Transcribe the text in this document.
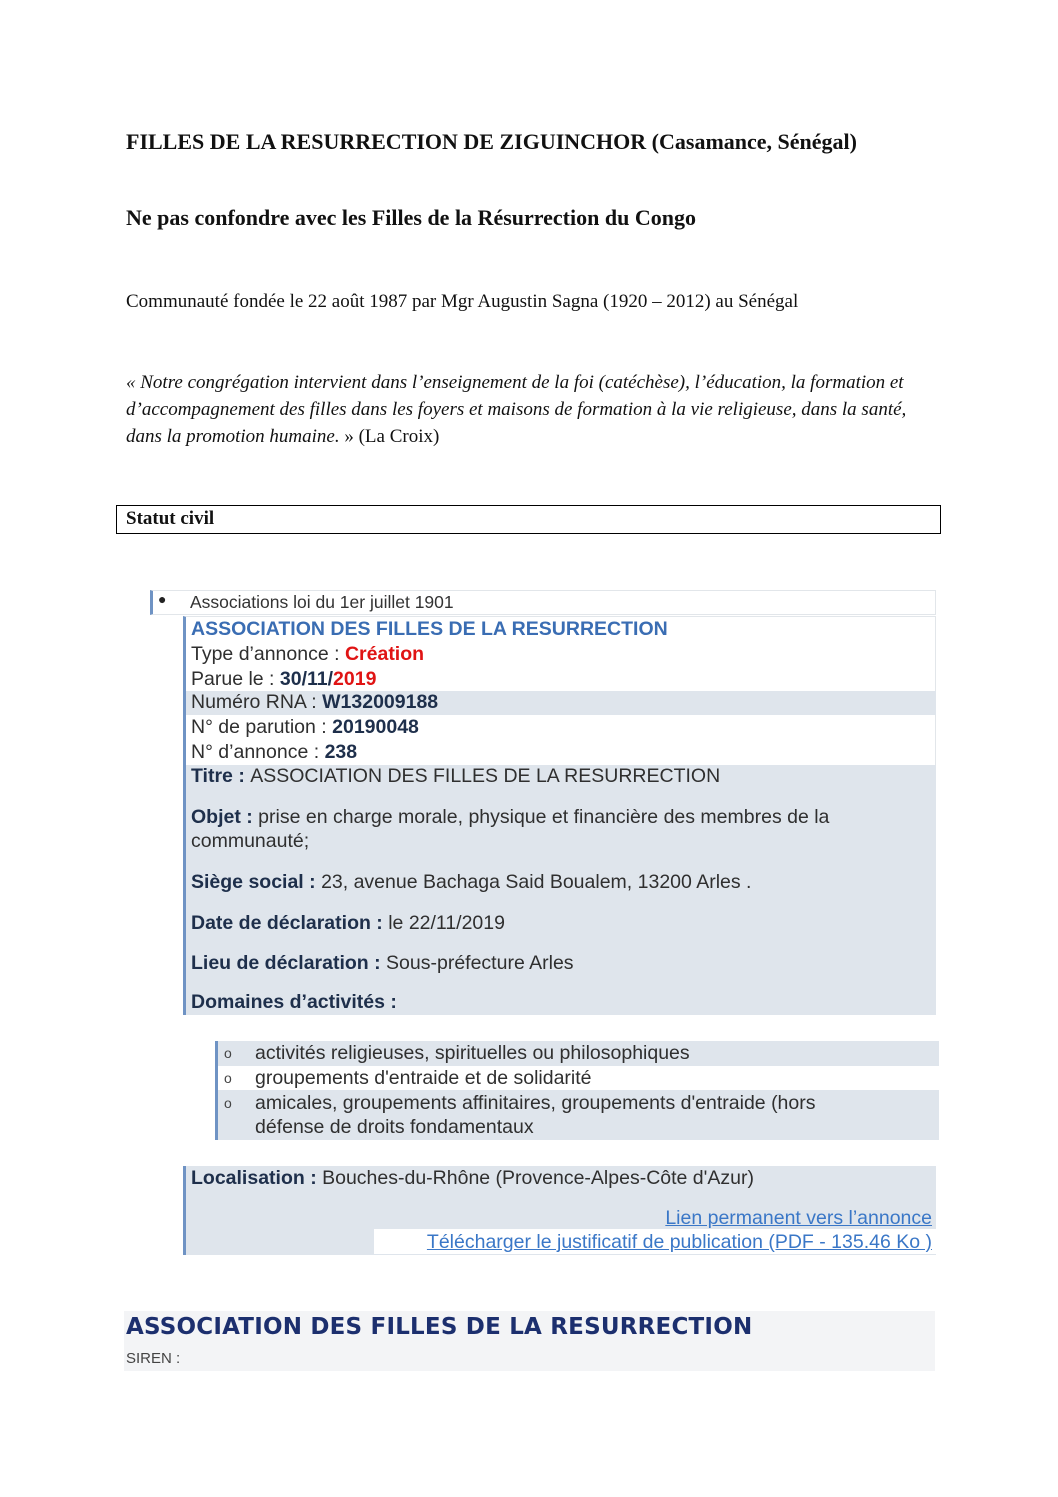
FILLES DE LA RESURRECTION DE ZIGUINCHOR (Casamance, Sénégal)
Ne pas confondre avec les Filles de la Résurrection du Congo
Communauté fondée le 22 août 1987 par Mgr Augustin Sagna (1920 – 2012) au Sénégal
« Notre congrégation intervient dans l’enseignement de la foi (catéchèse), l’éducation, la formation et d’accompagnement des filles dans les foyers et maisons de formation à la vie religieuse, dans la santé, dans la promotion humaine. » (La Croix)
Statut civil
● Associations loi du 1er juillet 1901
ASSOCIATION DES FILLES DE LA RESURRECTION
Type d’annonce : Création
Parue le : 30/11/2019
Numéro RNA : W132009188
N° de parution : 20190048
N° d’annonce : 238
Titre : ASSOCIATION DES FILLES DE LA RESURRECTION
Objet : prise en charge morale, physique et financière des membres de la communauté;
Siège social : 23, avenue Bachaga Said Boualem, 13200 Arles .
Date de déclaration : le 22/11/2019
Lieu de déclaration : Sous-préfecture Arles
Domaines d’activités :
o activités religieuses, spirituelles ou philosophiques
o groupements d'entraide et de solidarité
o amicales, groupements affinitaires, groupements d'entraide (hors
défense de droits fondamentaux
Localisation : Bouches-du-Rhône (Provence-Alpes-Côte d'Azur)
Lien permanent vers l’annonce
Télécharger le justificatif de publication (PDF - 135.46 Ko )
ASSOCIATION DES FILLES DE LA RESURRECTION
SIREN :
